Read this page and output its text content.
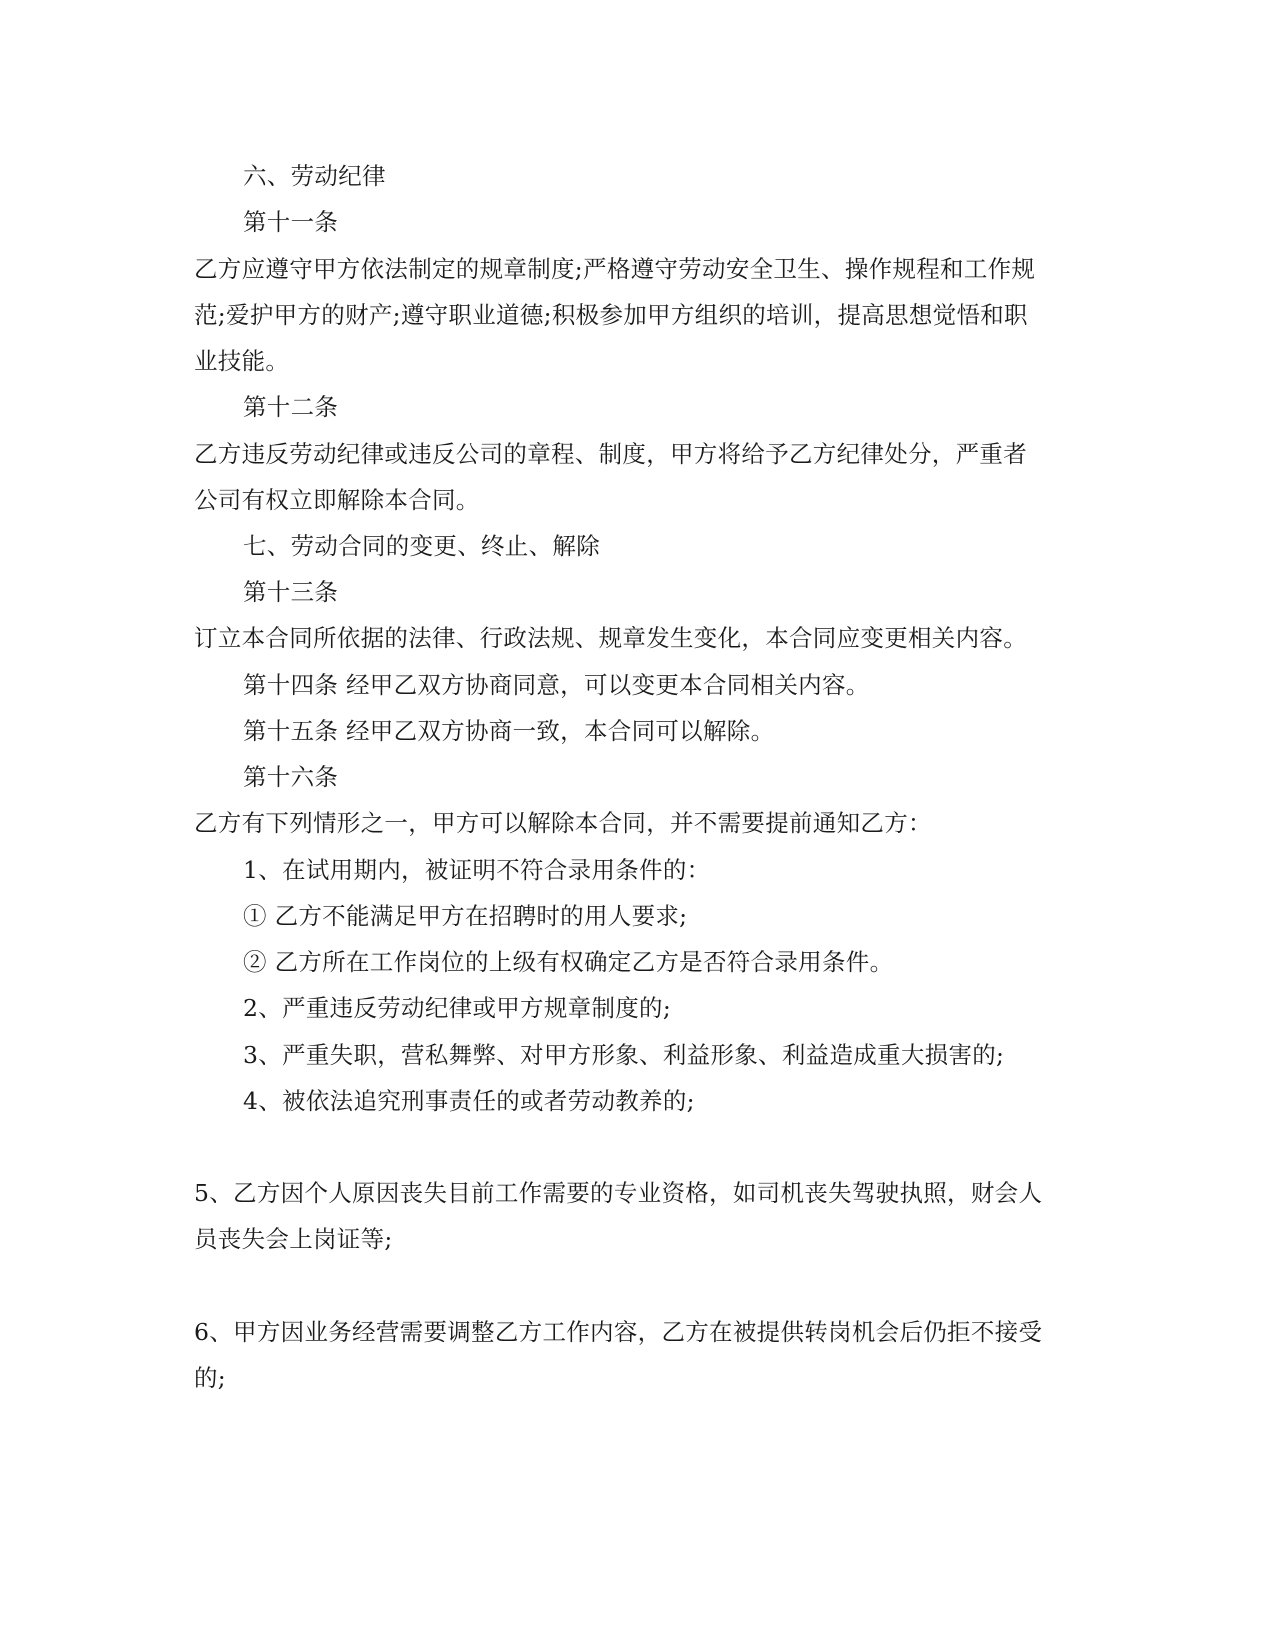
六、劳动纪律
第十一条
乙方应遵守甲方依法制定的规章制度;严格遵守劳动安全卫生、操作规程和工作规
范;爱护甲方的财产;遵守职业道德;积极参加甲方组织的培训，提高思想觉悟和职
业技能。
第十二条
乙方违反劳动纪律或违反公司的章程、制度，甲方将给予乙方纪律处分，严重者
公司有权立即解除本合同。
七、劳动合同的变更、终止、解除
第十三条
订立本合同所依据的法律、行政法规、规章发生变化，本合同应变更相关内容。
第十四条 经甲乙双方协商同意，可以变更本合同相关内容。
第十五条 经甲乙双方协商一致，本合同可以解除。
第十六条
乙方有下列情形之一，甲方可以解除本合同，并不需要提前通知乙方：
1、在试用期内，被证明不符合录用条件的：
① 乙方不能满足甲方在招聘时的用人要求;
② 乙方所在工作岗位的上级有权确定乙方是否符合录用条件。
2、严重违反劳动纪律或甲方规章制度的;
3、严重失职，营私舞弊、对甲方形象、利益形象、利益造成重大损害的;
4、被依法追究刑事责任的或者劳动教养的;
5、乙方因个人原因丧失目前工作需要的专业资格，如司机丧失驾驶执照，财会人
员丧失会上岗证等;
6、甲方因业务经营需要调整乙方工作内容，乙方在被提供转岗机会后仍拒不接受
的;
